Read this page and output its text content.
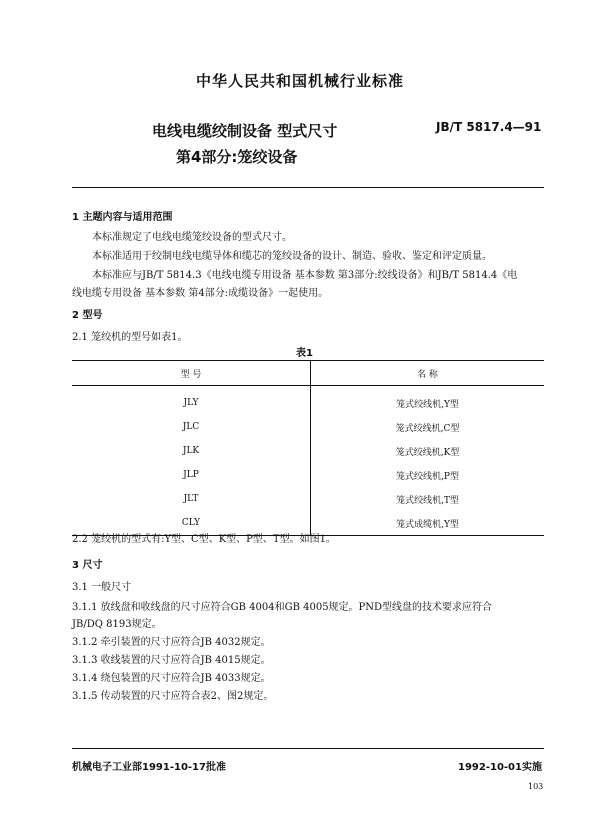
中华人民共和国机械行业标准
电线电缆绞制设备 型式尺寸
第4部分:笼绞设备
JB/T 5817.4—91
1 主题内容与适用范围
本标准规定了电线电缆笼绞设备的型式尺寸。
本标准适用于绞制电线电缆导体和缆芯的笼绞设备的设计、制造、验收、鉴定和评定质量。
本标准应与JB/T 5814.3《电线电缆专用设备 基本参数 第3部分:绞线设备》和JB/T 5814.4《电
线电缆专用设备 基本参数 第4部分:成缆设备》一起使用。
2 型号
2.1 笼绞机的型号如表1。
表1
型 号	名 称
JLY	笼式绞线机,Y型
JLC	笼式绞线机,C型
JLK	笼式绞线机,K型
JLP	笼式绞线机,P型
JLT	笼式绞线机,T型
CLY	笼式成缆机,Y型
2.2 笼绞机的型式有:Y型、C型、K型、P型、T型。如图1。
3 尺寸
3.1 一般尺寸
3.1.1 放线盘和收线盘的尺寸应符合GB 4004和GB 4005规定。PND型线盘的技术要求应符合
JB/DQ 8193规定。
3.1.2 牵引装置的尺寸应符合JB 4032规定。
3.1.3 收线装置的尺寸应符合JB 4015规定。
3.1.4 绕包装置的尺寸应符合JB 4033规定。
3.1.5 传动装置的尺寸应符合表2、图2规定。
机械电子工业部1991-10-17批准	1992-10-01实施
103
